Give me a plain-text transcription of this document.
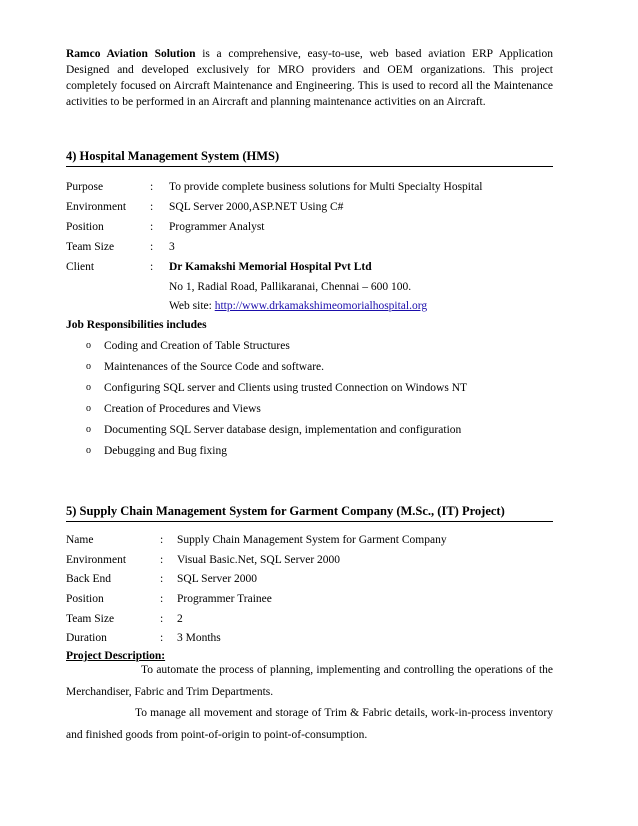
Ramco Aviation Solution is a comprehensive, easy-to-use, web based aviation ERP Application

Designed and developed exclusively for MRO providers and OEM organizations. This project

completely focused on Aircraft Maintenance and Engineering. This is used to record all the Maintenance

activities to be performed in an Aircraft and planning maintenance activities on an Aircraft.

4) Hospital Management System (HMS)
Purpose	: To provide complete business solutions for Multi Specialty Hospital
Environment : SQL Server 2000,ASP.NET Using C#
Position	: Programmer Analyst
Team Size	: 3
Client	: Dr Kamakshi Memorial Hospital Pvt Ltd
No 1, Radial Road, Pallikaranai, Chennai – 600 100.
Web site: http://www.drkamakshimeomorialhospital.org
Job Responsibilities includes
o Coding and Creation of Table Structures
o Maintenances of the Source Code and software.
o Configuring SQL server and Clients using trusted Connection on Windows NT
o Creation of Procedures and Views
o Documenting SQL Server database design, implementation and configuration
o Debugging and Bug fixing
5) Supply Chain Management System for Garment Company (M.Sc., (IT) Project)
Name	: Supply Chain Management System for Garment Company
Environment	: Visual Basic.Net, SQL Server 2000
Back End	: SQL Server 2000
Position	: Programmer Trainee
Team Size	: 2
Duration	: 3 Months
Project Description:
To automate the process of planning, implementing and controlling the operations of the
Merchandiser, Fabric and Trim Departments.
To manage all movement and storage of Trim & Fabric details, work-in-process inventory
and finished goods from point-of-origin to point-of-consumption.
